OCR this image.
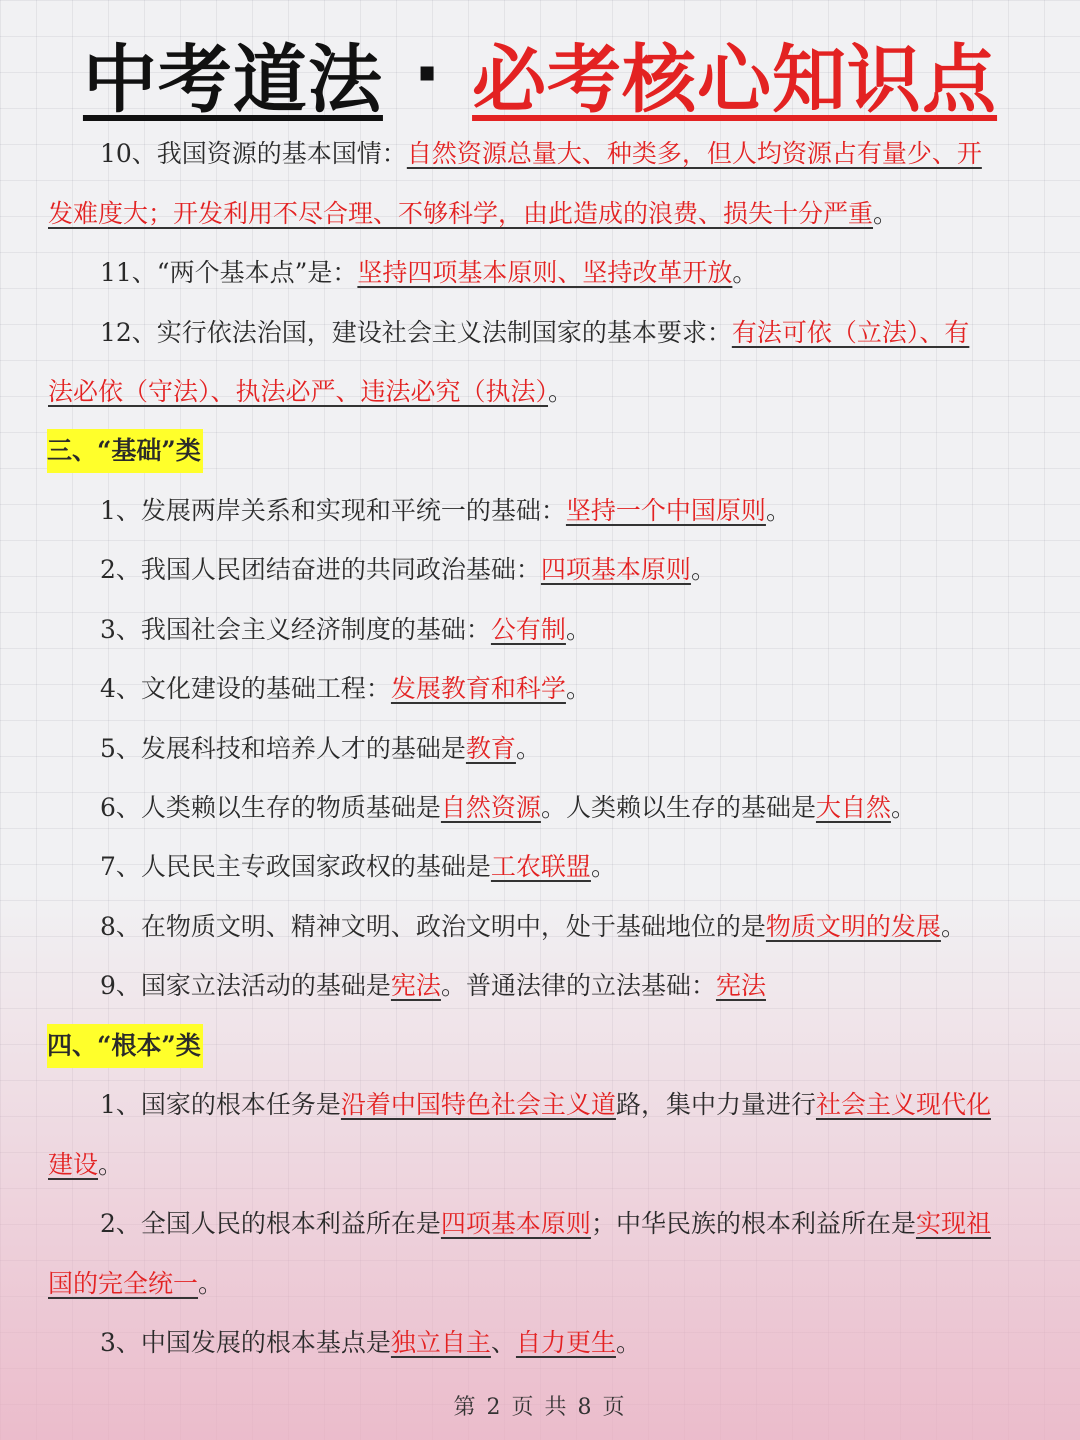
中考道法 · 必考核心知识点
10、我国资源的基本国情：自然资源总量大、种类多，但人均资源占有量少、开
发难度大；开发利用不尽合理、不够科学，由此造成的浪费、损失十分严重。
11、“两个基本点”是：坚持四项基本原则、坚持改革开放。
12、实行依法治国，建设社会主义法制国家的基本要求：有法可依（立法）、有
法必依（守法）、执法必严、违法必究（执法）。
三、“基础”类
1、发展两岸关系和实现和平统一的基础：坚持一个中国原则。
2、我国人民团结奋进的共同政治基础：四项基本原则。
3、我国社会主义经济制度的基础：公有制。
4、文化建设的基础工程：发展教育和科学。
5、发展科技和培养人才的基础是教育。
6、人类赖以生存的物质基础是自然资源。人类赖以生存的基础是大自然。
7、人民民主专政国家政权的基础是工农联盟。
8、在物质文明、精神文明、政治文明中，处于基础地位的是物质文明的发展。
9、国家立法活动的基础是宪法。普通法律的立法基础：宪法
四、“根本”类
1、国家的根本任务是沿着中国特色社会主义道路，集中力量进行社会主义现代化
建设。
2、全国人民的根本利益所在是四项基本原则；中华民族的根本利益所在是实现祖
国的完全统一。
3、中国发展的根本基点是独立自主、自力更生。
第 2 页 共 8 页
